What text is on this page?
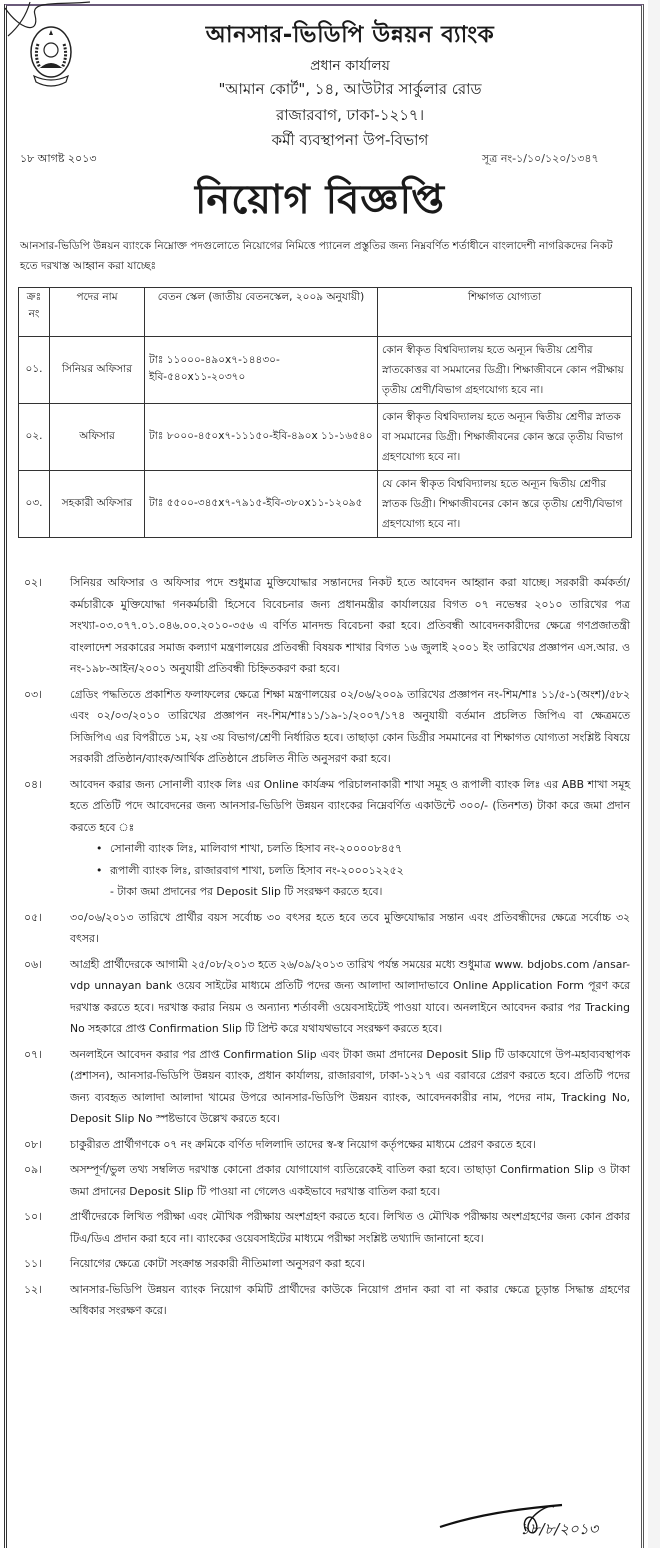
আনসার-ভিডিপি উন্নয়ন ব্যাংক
প্রধান কার্যালয়
"আমান কোর্ট", ১৪, আউটার সার্কুলার রোড
রাজারবাগ, ঢাকা-১২১৭।
কর্মী ব্যবস্থাপনা উপ-বিভাগ
১৮ আগষ্ট ২০১৩	সূত্র নং-১/১০/১২০/১৩৪৭
নিয়োগ বিজ্ঞপ্তি
আনসার-ভিডিপি উন্নয়ন ব্যাংকে নিম্নোক্ত পদগুলোতে নিয়োগের নিমিত্তে প্যানেল প্রস্তুতির জন্য নিম্নবর্ণিত শর্তাধীনে বাংলাদেশী নাগরিকদের নিকট হতে দরখাস্ত আহ্বান করা যাচ্ছেঃ
ক্রঃ নং	পদের নাম	বেতন স্কেল (জাতীয় বেতনস্কেল, ২০০৯ অনুযায়ী)	শিক্ষাগত যোগ্যতা
০১.	সিনিয়র অফিসার	টাঃ ১১০০০-৪৯০x৭-১৪৪৩০-ইবি-৫৪০x১১-২০৩৭০	কোন স্বীকৃত বিশ্ববিদ্যালয় হতে অন্যূন দ্বিতীয় শ্রেণীর স্নাতকোত্তর বা সমমানের ডিগ্রী। শিক্ষাজীবনে কোন পরীক্ষায় তৃতীয় শ্রেণী/বিভাগ গ্রহণযোগ্য হবে না।
০২.	অফিসার	টাঃ ৮০০০-৪৫০x৭-১১১৫০-ইবি-৪৯০x ১১-১৬৫৪০	কোন স্বীকৃত বিশ্ববিদ্যালয় হতে অন্যূন দ্বিতীয় শ্রেণীর স্নাতক বা সমমানের ডিগ্রী। শিক্ষাজীবনের কোন স্তরে তৃতীয় বিভাগ গ্রহণযোগ্য হবে না।
০৩.	সহকারী অফিসার	টাঃ ৫৫০০-৩৪৫x৭-৭৯১৫-ইবি-৩৮০x১১-১২০৯৫	যে কোন স্বীকৃত বিশ্ববিদ্যালয় হতে অন্যূন দ্বিতীয় শ্রেণীর স্নাতক ডিগ্রী। শিক্ষাজীবনের কোন স্তরে তৃতীয় শ্রেণী/বিভাগ গ্রহণযোগ্য হবে না।
০২।	সিনিয়র অফিসার ও অফিসার পদে শুধুমাত্র মুক্তিযোদ্ধার সন্তানদের নিকট হতে আবেদন আহ্বান করা যাচ্ছে। সরকারী কর্মকর্তা/কর্মচারীকে মুক্তিযোদ্ধা গনকর্মচারী হিসেবে বিবেচনার জন্য প্রধানমন্ত্রীর কার্যালয়ের বিগত ০৭ নভেম্বর ২০১০ তারিখের পত্র সংখ্যা-০৩.০৭৭.০১.০৪৬.০০.২০১০-৩৫৬ এ বর্ণিত মানদন্ড বিবেচনা করা হবে। প্রতিবন্ধী আবেদনকারীদের ক্ষেত্রে গণপ্রজাতন্ত্রী বাংলাদেশ সরকারের সমাজ কল্যাণ মন্ত্রণালয়ের প্রতিবন্ধী বিষয়ক শাখার বিগত ১৬ জুলাই ২০০১ ইং তারিখের প্রজ্ঞাপন এস.আর. ও নং-১৯৮-আইন/২০০১ অনুযায়ী প্রতিবন্ধী চিহ্নিতকরণ করা হবে।
০৩।	গ্রেডিং পদ্ধতিতে প্রকাশিত ফলাফলের ক্ষেত্রে শিক্ষা মন্ত্রণালয়ের ০২/০৬/২০০৯ তারিখের প্রজ্ঞাপন নং-শিম/শাঃ ১১/৫-১(অংশ)/৫৮২ এবং ০২/০৩/২০১০ তারিখের প্রজ্ঞাপন নং-শিম/শাঃ১১/১৯-১/২০০৭/১৭৪ অনুযায়ী বর্তমান প্রচলিত জিপিএ বা ক্ষেত্রমতে সিজিপিএ এর বিপরীতে ১ম, ২য় ৩য় বিভাগ/শ্রেণী নির্ধারিত হবে। তাছাড়া কোন ডিগ্রীর সমমানের বা শিক্ষাগত যোগ্যতা সংশ্লিষ্ট বিষয়ে সরকারী প্রতিষ্ঠান/ব্যাংক/আর্থিক প্রতিষ্ঠানে প্রচলিত নীতি অনুসরণ করা হবে।
০৪।	আবেদন করার জন্য সোনালী ব্যাংক লিঃ এর Online কার্যক্রম পরিচালনাকারী শাখা সমূহ ও রূপালী ব্যাংক লিঃ এর ABB শাখা সমূহ হতে প্রতিটি পদে আবেদনের জন্য আনসার-ভিডিপি উন্নয়ন ব্যাংকের নিম্নেবর্ণিত একাউন্টে ৩০০/- (তিনশত) টাকা করে জমা প্রদান করতে হবে ঃ
• সোনালী ব্যাংক লিঃ, মালিবাগ শাখা, চলতি হিসাব নং-২০০০০৮৪৫৭
• রূপালী ব্যাংক লিঃ, রাজারবাগ শাখা, চলতি হিসাব নং-২০০০১২২৫২
- টাকা জমা প্রদানের পর Deposit Slip টি সংরক্ষণ করতে হবে।
০৫।	৩০/০৬/২০১৩ তারিখে প্রার্থীর বয়স সর্বোচ্চ ৩০ বৎসর হতে হবে তবে মুক্তিযোদ্ধার সন্তান এবং প্রতিবন্ধীদের ক্ষেত্রে সর্বোচ্চ ৩২ বৎসর।
০৬।	আগ্রহী প্রার্থীদেরকে আগামী ২৫/০৮/২০১৩ হতে ২৬/০৯/২০১৩ তারিখ পর্যন্ত সময়ের মধ্যে শুধুমাত্র www. bdjobs.com /ansar-vdp unnayan bank ওয়েব সাইটের মাধ্যমে প্রতিটি পদের জন্য আলাদা আলাদাভাবে Online Application Form পূরণ করে দরখাস্ত করতে হবে। দরখাস্ত করার নিয়ম ও অন্যান্য শর্তাবলী ওয়েবসাইটেই পাওয়া যাবে। অনলাইনে আবেদন করার পর Tracking No সহকারে প্রাপ্ত Confirmation Slip টি প্রিন্ট করে যথাযথভাবে সংরক্ষণ করতে হবে।
০৭।	অনলাইনে আবেদন করার পর প্রাপ্ত Confirmation Slip এবং টাকা জমা প্রদানের Deposit Slip টি ডাকযোগে উপ-মহাব্যবস্থাপক (প্রশাসন), আনসার-ভিডিপি উন্নয়ন ব্যাংক, প্রধান কার্যালয়, রাজারবাগ, ঢাকা-১২১৭ এর বরাবরে প্রেরণ করতে হবে। প্রতিটি পদের জন্য ব্যবহৃত আলাদা আলাদা খামের উপরে আনসার-ভিডিপি উন্নয়ন ব্যাংক, আবেদনকারীর নাম, পদের নাম, Tracking No, Deposit Slip No স্পষ্টভাবে উল্লেখ করতে হবে।
০৮।	চাকুরীরত প্রার্থীগণকে ০৭ নং ক্রমিকে বর্ণিত দলিলাদি তাদের স্ব-স্ব নিয়োগ কর্তৃপক্ষের মাধ্যমে প্রেরণ করতে হবে।
০৯।	অসম্পূর্ণ/ভুল তথ্য সম্বলিত দরখাস্ত কোনো প্রকার যোগাযোগ ব্যতিরেকেই বাতিল করা হবে। তাছাড়া Confirmation Slip ও টাকা জমা প্রদানের Deposit Slip টি পাওয়া না গেলেও একইভাবে দরখাস্ত বাতিল করা হবে।
১০।	প্রার্থীদেরকে লিখিত পরীক্ষা এবং মৌখিক পরীক্ষায় অংশগ্রহণ করতে হবে। লিখিত ও মৌখিক পরীক্ষায় অংশগ্রহণের জন্য কোন প্রকার টিএ/ডিএ প্রদান করা হবে না। ব্যাংকের ওয়েবসাইটের মাধ্যমে পরীক্ষা সংশ্লিষ্ট তথ্যাদি জানানো হবে।
১১।	নিয়োগের ক্ষেত্রে কোটা সংক্রান্ত সরকারী নীতিমালা অনুসরণ করা হবে।
১২।	আনসার-ভিডিপি উন্নয়ন ব্যাংক নিয়োগ কমিটি প্রার্থীদের কাউকে নিয়োগ প্রদান করা বা না করার ক্ষেত্রে চূড়ান্ত সিদ্ধান্ত গ্রহণের অধিকার সংরক্ষণ করে।
১৮/৮/২০১৩
